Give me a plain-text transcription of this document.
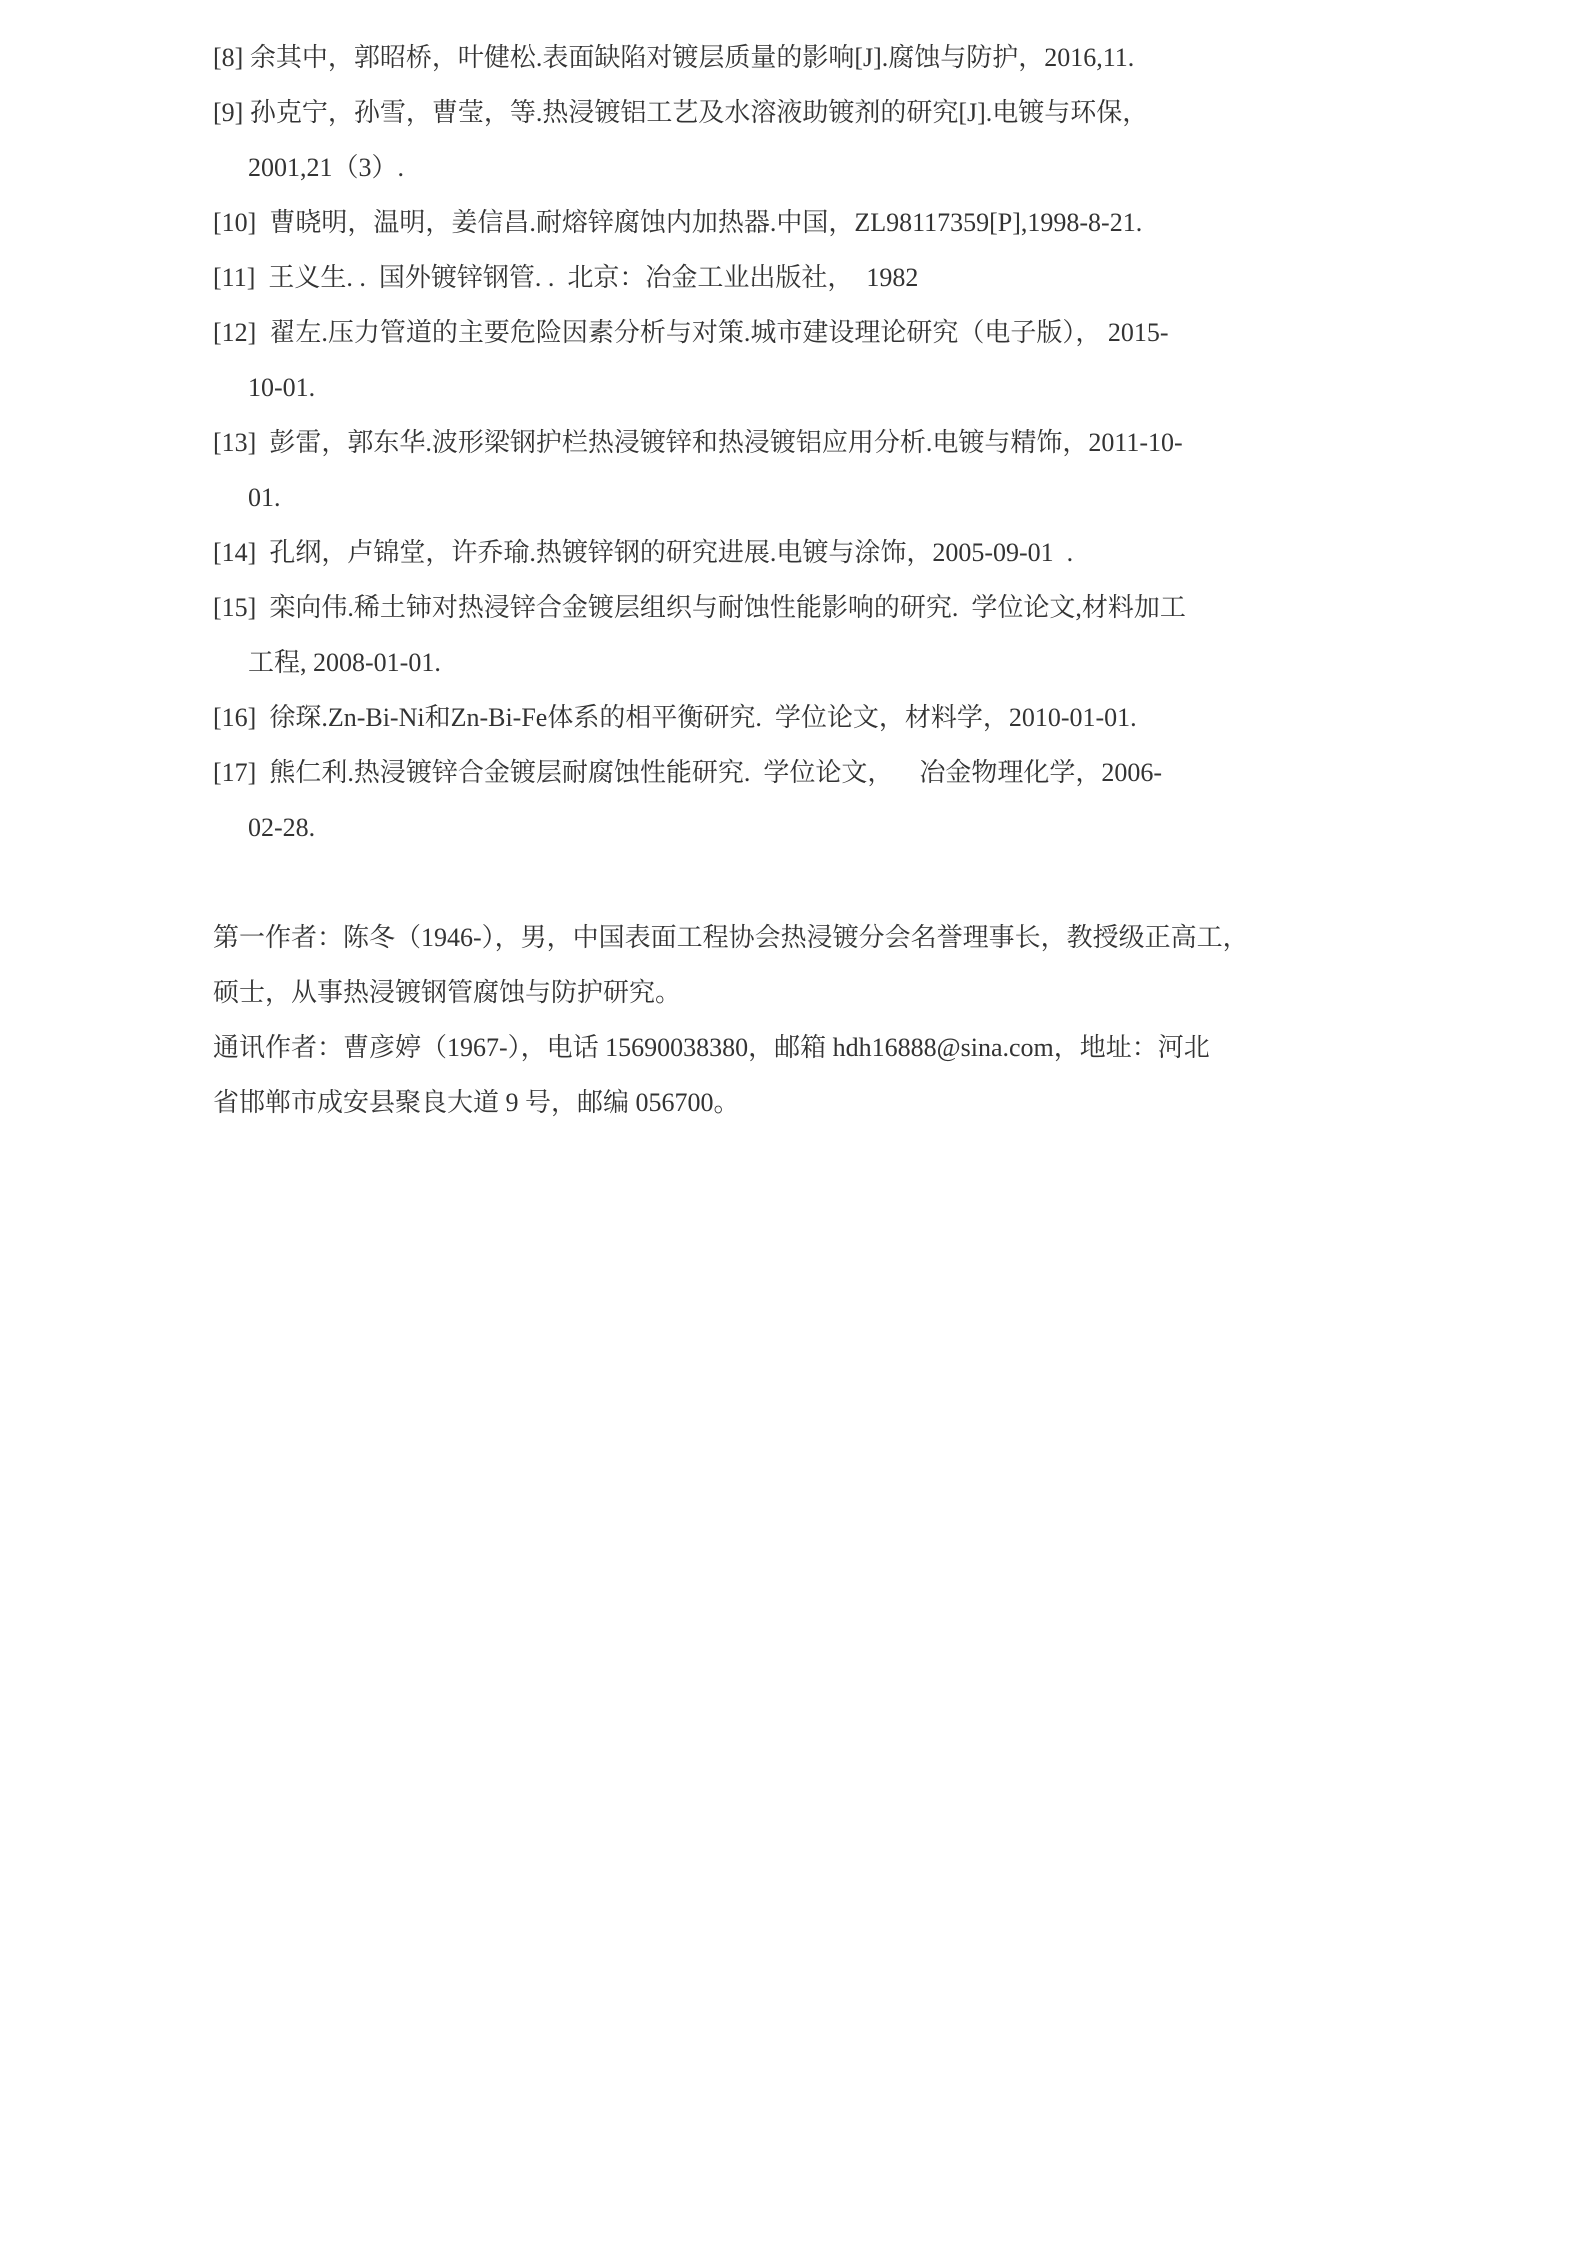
[8] 余其中，郭昭桥，叶健松.表面缺陷对镀层质量的影响[J].腐蚀与防护，2016,11.
[9] 孙克宁，孙雪，曹莹，等.热浸镀铝工艺及水溶液助镀剂的研究[J].电镀与环保，
2001,21（3）.
[10]  曹晓明，温明，姜信昌.耐熔锌腐蚀内加热器.中国，ZL98117359[P],1998-8-21.
[11]  王义生. .  国外镀锌钢管. .  北京：冶金工业出版社，  1982
[12]  翟左.压力管道的主要危险因素分析与对策.城市建设理论研究（电子版）， 2015-
10-01.
[13]  彭雷，郭东华.波形梁钢护栏热浸镀锌和热浸镀铝应用分析.电镀与精饰，2011-10-
01.
[14]  孔纲，卢锦堂，许乔瑜.热镀锌钢的研究进展.电镀与涂饰，2005-09-01  .
[15]  栾向伟.稀土铈对热浸锌合金镀层组织与耐蚀性能影响的研究.  学位论文,材料加工
工程, 2008-01-01.
[16]  徐琛.Zn-Bi-Ni和Zn-Bi-Fe体系的相平衡研究.  学位论文，材料学，2010-01-01.
[17]  熊仁利.热浸镀锌合金镀层耐腐蚀性能研究.  学位论文，    冶金物理化学，2006-
02-28.
第一作者：陈冬（1946-），男，中国表面工程协会热浸镀分会名誉理事长，教授级正高工，
硕士，从事热浸镀钢管腐蚀与防护研究。
通讯作者：曹彦婷（1967-），电话 15690038380，邮箱 hdh16888@sina.com，地址：河北
省邯郸市成安县聚良大道 9 号，邮编 056700。
